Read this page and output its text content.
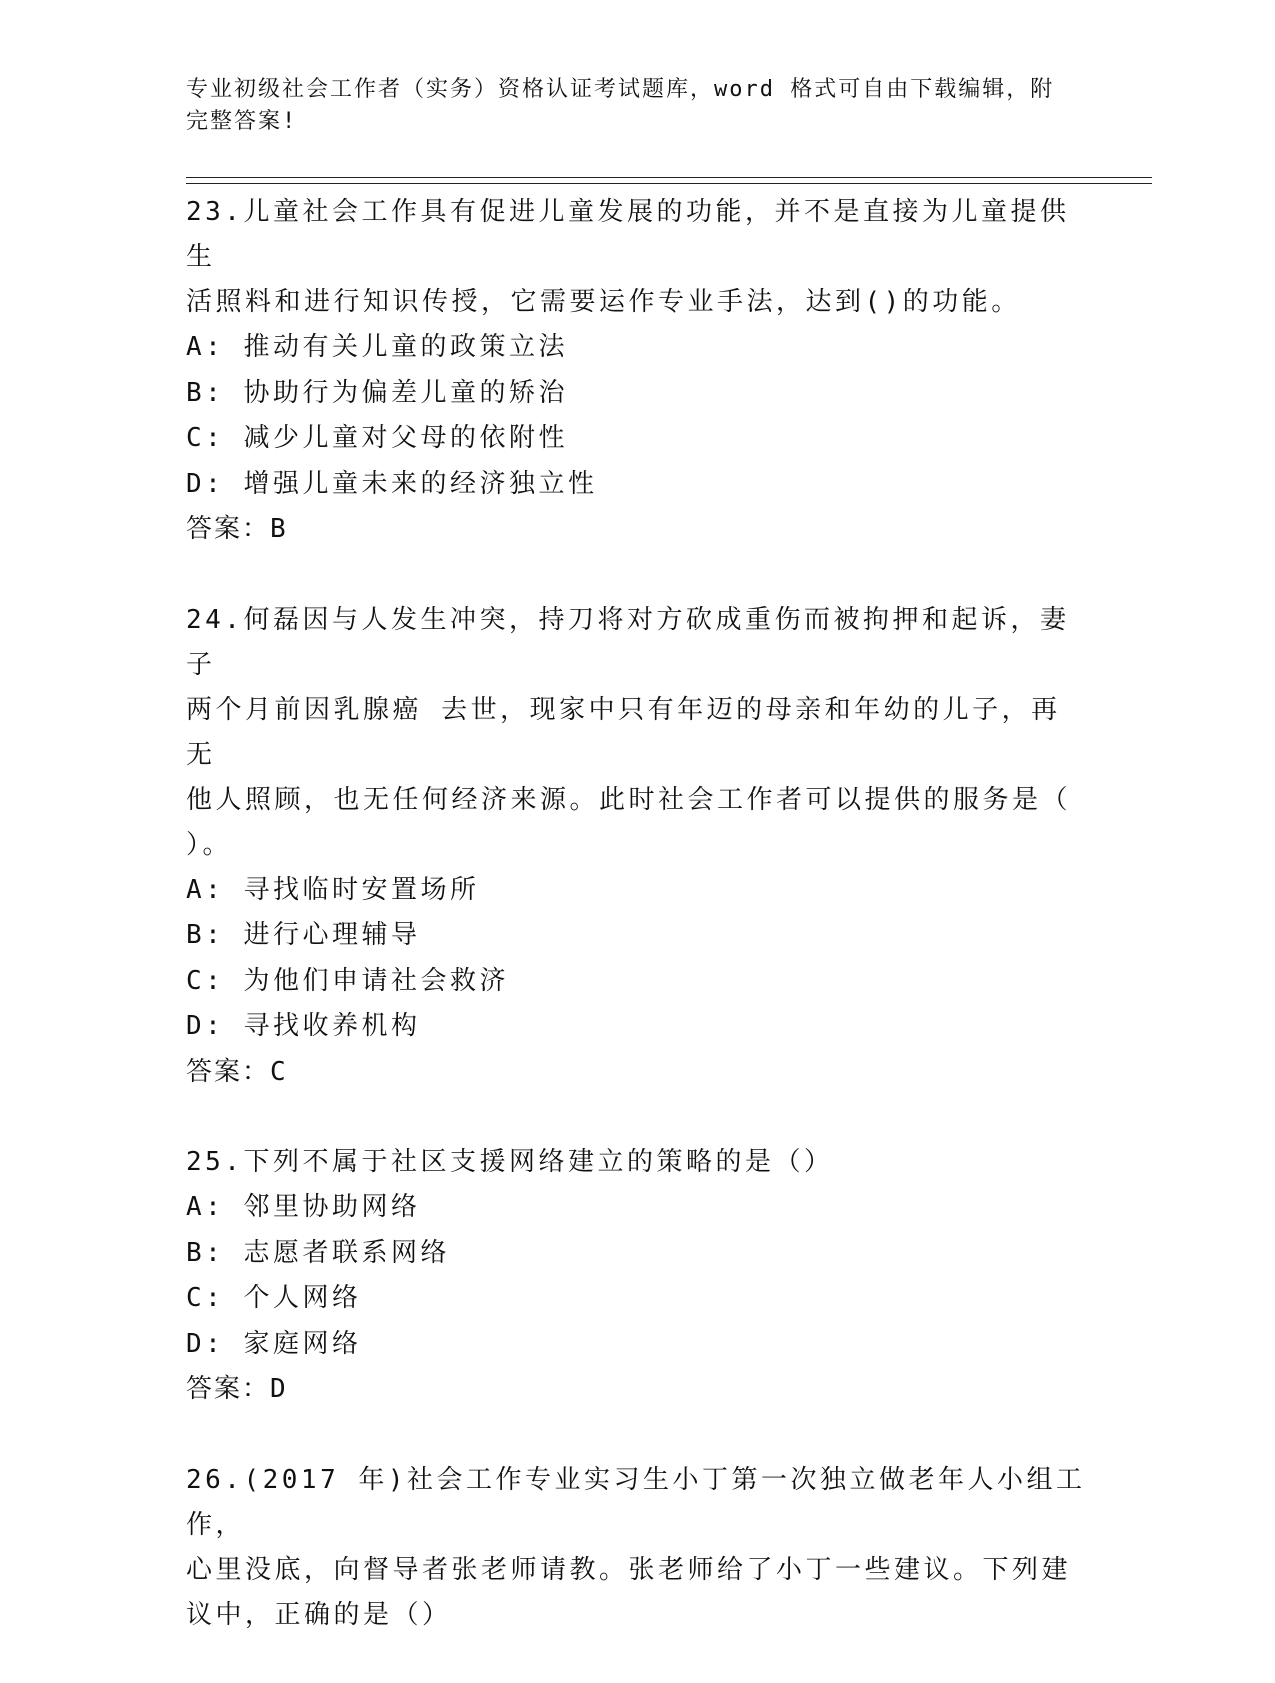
专业初级社会工作者（实务）资格认证考试题库，word 格式可自由下载编辑，附
完整答案!
23.儿童社会工作具有促进儿童发展的功能，并不是直接为儿童提供生
活照料和进行知识传授，它需要运作专业手法，达到()的功能。
A: 推动有关儿童的政策立法
B: 协助行为偏差儿童的矫治
C: 减少儿童对父母的依附性
D: 增强儿童未来的经济独立性
答案：B
24.何磊因与人发生冲突，持刀将对方砍成重伤而被拘押和起诉，妻子
两个月前因乳腺癌 去世，现家中只有年迈的母亲和年幼的儿子，再无
他人照顾，也无任何经济来源。此时社会工作者可以提供的服务是（
）。
A: 寻找临时安置场所
B: 进行心理辅导
C: 为他们申请社会救济
D: 寻找收养机构
答案：C
25.下列不属于社区支援网络建立的策略的是（）
A: 邻里协助网络
B: 志愿者联系网络
C: 个人网络
D: 家庭网络
答案：D
26.(2017 年)社会工作专业实习生小丁第一次独立做老年人小组工作，
心里没底，向督导者张老师请教。张老师给了小丁一些建议。下列建
议中，正确的是（）
